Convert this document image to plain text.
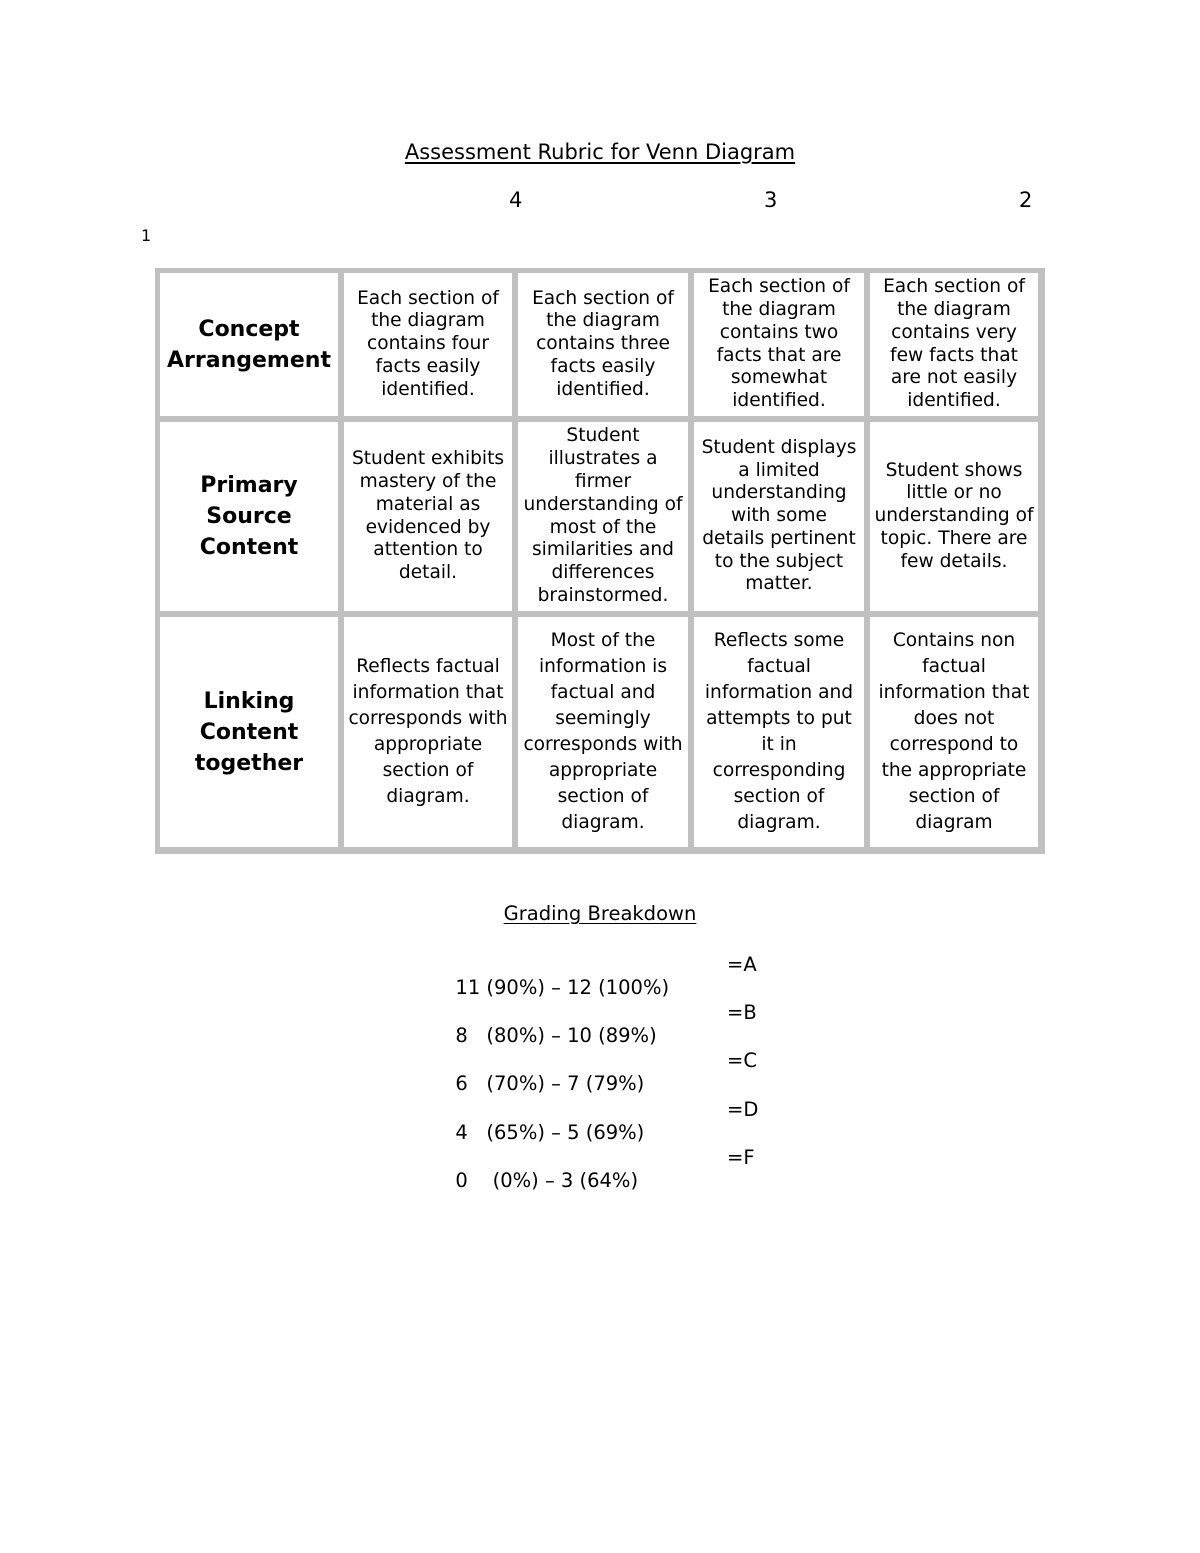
Assessment Rubric for Venn Diagram
4	3	2
1
Concept
Arrangement
Each section of
the diagram
contains four
facts easily
identified.
Each section of
the diagram
contains three
facts easily
identified.
Each section of
the diagram
contains two
facts that are
somewhat
identified.
Each section of
the diagram
contains very
few facts that
are not easily
identified.
Primary
Source
Content
Student exhibits
mastery of the
material as
evidenced by
attention to
detail.
Student
illustrates a
firmer
understanding of
most of the
similarities and
differences
brainstormed.
Student displays
a limited
understanding
with some
details pertinent
to the subject
matter.
Student shows
little or no
understanding of
topic. There are
few details.
Linking
Content
together
Reflects factual
information that
corresponds with
appropriate
section of
diagram.
Most of the
information is
factual and
seemingly
corresponds with
appropriate
section of
diagram.
Reflects some
factual
information and
attempts to put
it in
corresponding
section of
diagram.
Contains non
factual
information that
does not
correspond to
the appropriate
section of
diagram
Grading Breakdown

11 (90%) – 12 (100%)

=A

8   (80%) – 10 (89%)

=B

6   (70%) – 7 (79%)

=C

4   (65%) – 5 (69%)

=D

0    (0%) – 3 (64%)

=F
